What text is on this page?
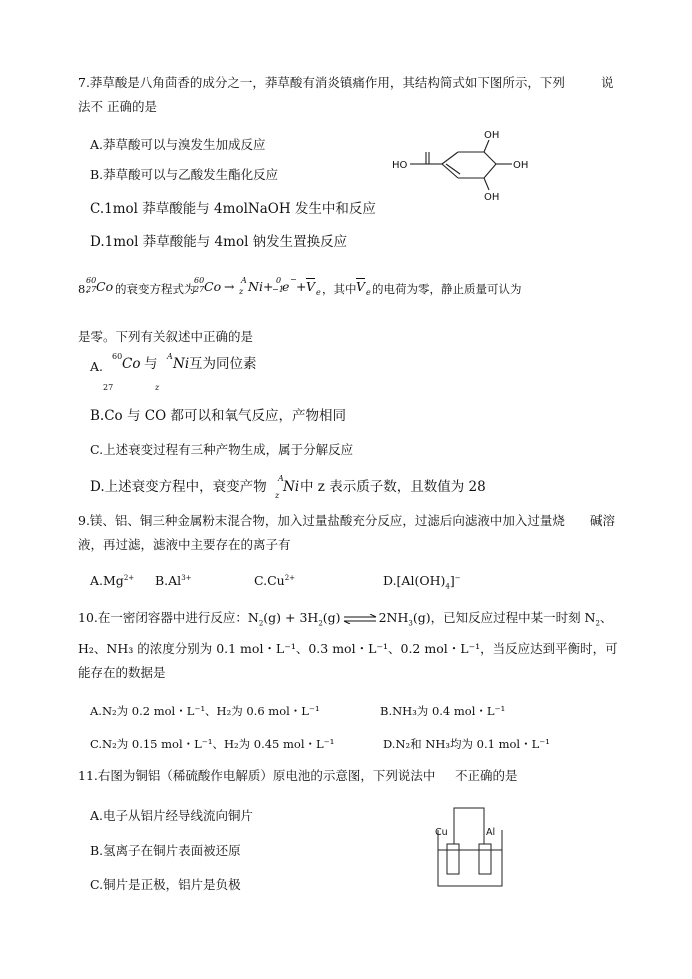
7.莽草酸是八角茴香的成分之一，莽草酸有消炎镇痛作用，其结构简式如下图所示，下列	说
法不 正确的是
A.莽草酸可以与溴发生加成反应
B.莽草酸可以与乙酸发生酯化反应
C.1mol 莽草酸能与 4molNaOH 发生中和反应
D.1mol 莽草酸能与 4mol 钠发生置换反应
OH
OH
OH
HO
8.
60
27 Co 的衰变方程式为
60
27 Co → A
z Ni + 0
−1
e − + $\overline{V}$ e ，其中 $\overline{V}$ e 的电荷为零，静止质量可认为
是零。下列有关叙述中正确的是
A.
60 Co 与 A Ni 互为同位素
27	z
B.Co 与 CO 都可以和氧气反应，产物相同
C.上述衰变过程有三种产物生成，属于分解反应
D.上述衰变方程中，衰变产物
A
Ni
z
中 z 表示质子数，且数值为 28
9.镁、铝、铜三种金属粉末混合物，加入过量盐酸充分反应，过滤后向滤液中加入过量烧 碱溶
液，再过滤，滤液中主要存在的离子有
$A.Mg^{2+}$ $B.Al^{3+}$	$C.Cu^{2+}$	$D.[Al(OH)_4]^-$
10.在一密闭容器中进行反应：$N_2(g) + 3H_2(g)$ ⇌ $2NH_3(g)$，已知反应过程中某一时刻 $N_2$、
H₂、NH₃ 的浓度分别为 0.1 mol・L⁻¹、0.3 mol・L⁻¹、0.2 mol・L⁻¹，当反应达到平衡时，可
能存在的数据是
A.N₂为 0.2 mol・L⁻¹、H₂为 0.6 mol・L⁻¹	B.NH₃为 0.4 mol・L⁻¹
C.N₂为 0.15 mol・L⁻¹、H₂为 0.45 mol・L⁻¹	D.N₂和 NH₃均为 0.1 mol・L⁻¹
11.右图为铜铝（稀硫酸作电解质）原电池的示意图，下列说法中 不正确的是
A.电子从铝片经导线流向铜片
B.氢离子在铜片表面被还原
C.铜片是正极，铝片是负极
Cu	Al
